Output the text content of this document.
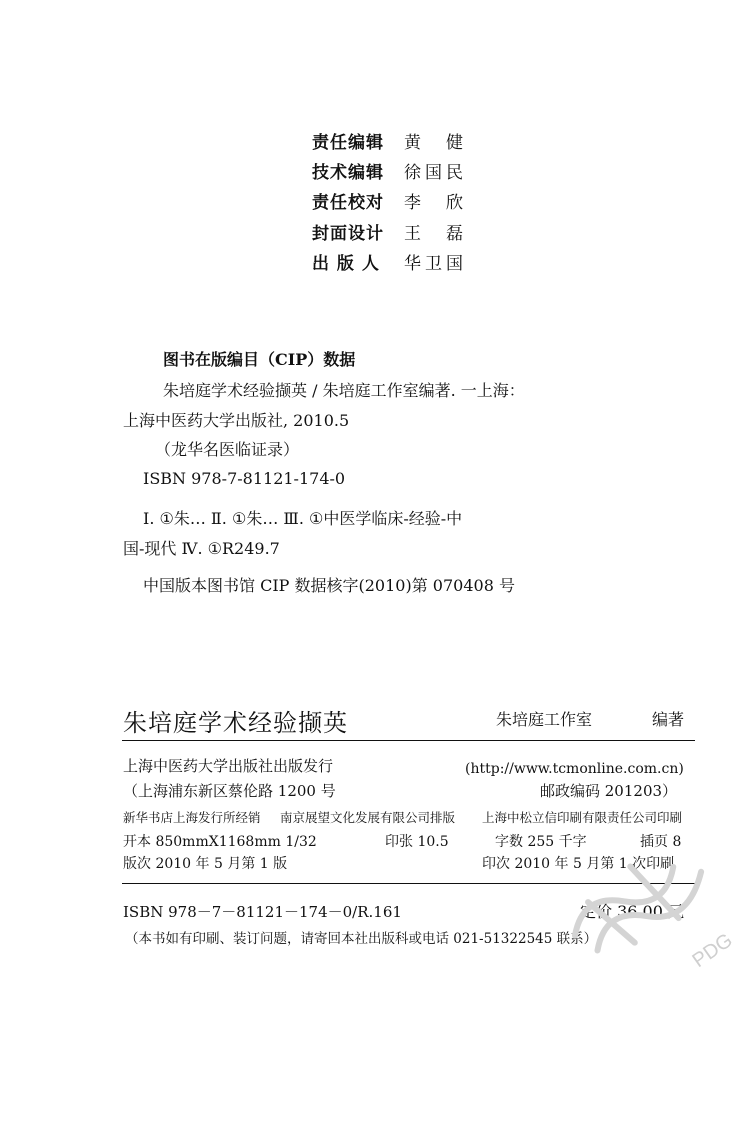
责任编辑 黄　健
技术编辑 徐国民
责任校对 李　欣
封面设计 王　磊
出 版 人 华卫国
图书在版编目（CIP）数据
朱培庭学术经验撷英 / 朱培庭工作室编著. 一上海：
上海中医药大学出版社, 2010.5
（龙华名医临证录）
ISBN 978-7-81121-174-0
Ⅰ. ①朱… Ⅱ. ①朱… Ⅲ. ①中医学临床-经验-中
国-现代 Ⅳ. ①R249.7
中国版本图书馆 CIP 数据核字(2010)第 070408 号
朱培庭学术经验撷英	朱培庭工作室	编著
上海中医药大学出版社出版发行	(http://www.tcmonline.com.cn)
（上海浦东新区蔡伦路 1200 号	邮政编码 201203）
新华书店上海发行所经销 南京展望文化发展有限公司排版 上海中松立信印刷有限责任公司印刷
开本 850mmX1168mm 1/32	印张 10.5	字数 255 千字	插页 8
版次 2010 年 5 月第 1 版	印次 2010 年 5 月第 1 次印刷
ISBN 978－7－81121－174－0/R.161	定价 36.00 元
（本书如有印刷、装订问题，请寄回本社出版科或电话 021-51322545 联系）	PDG
